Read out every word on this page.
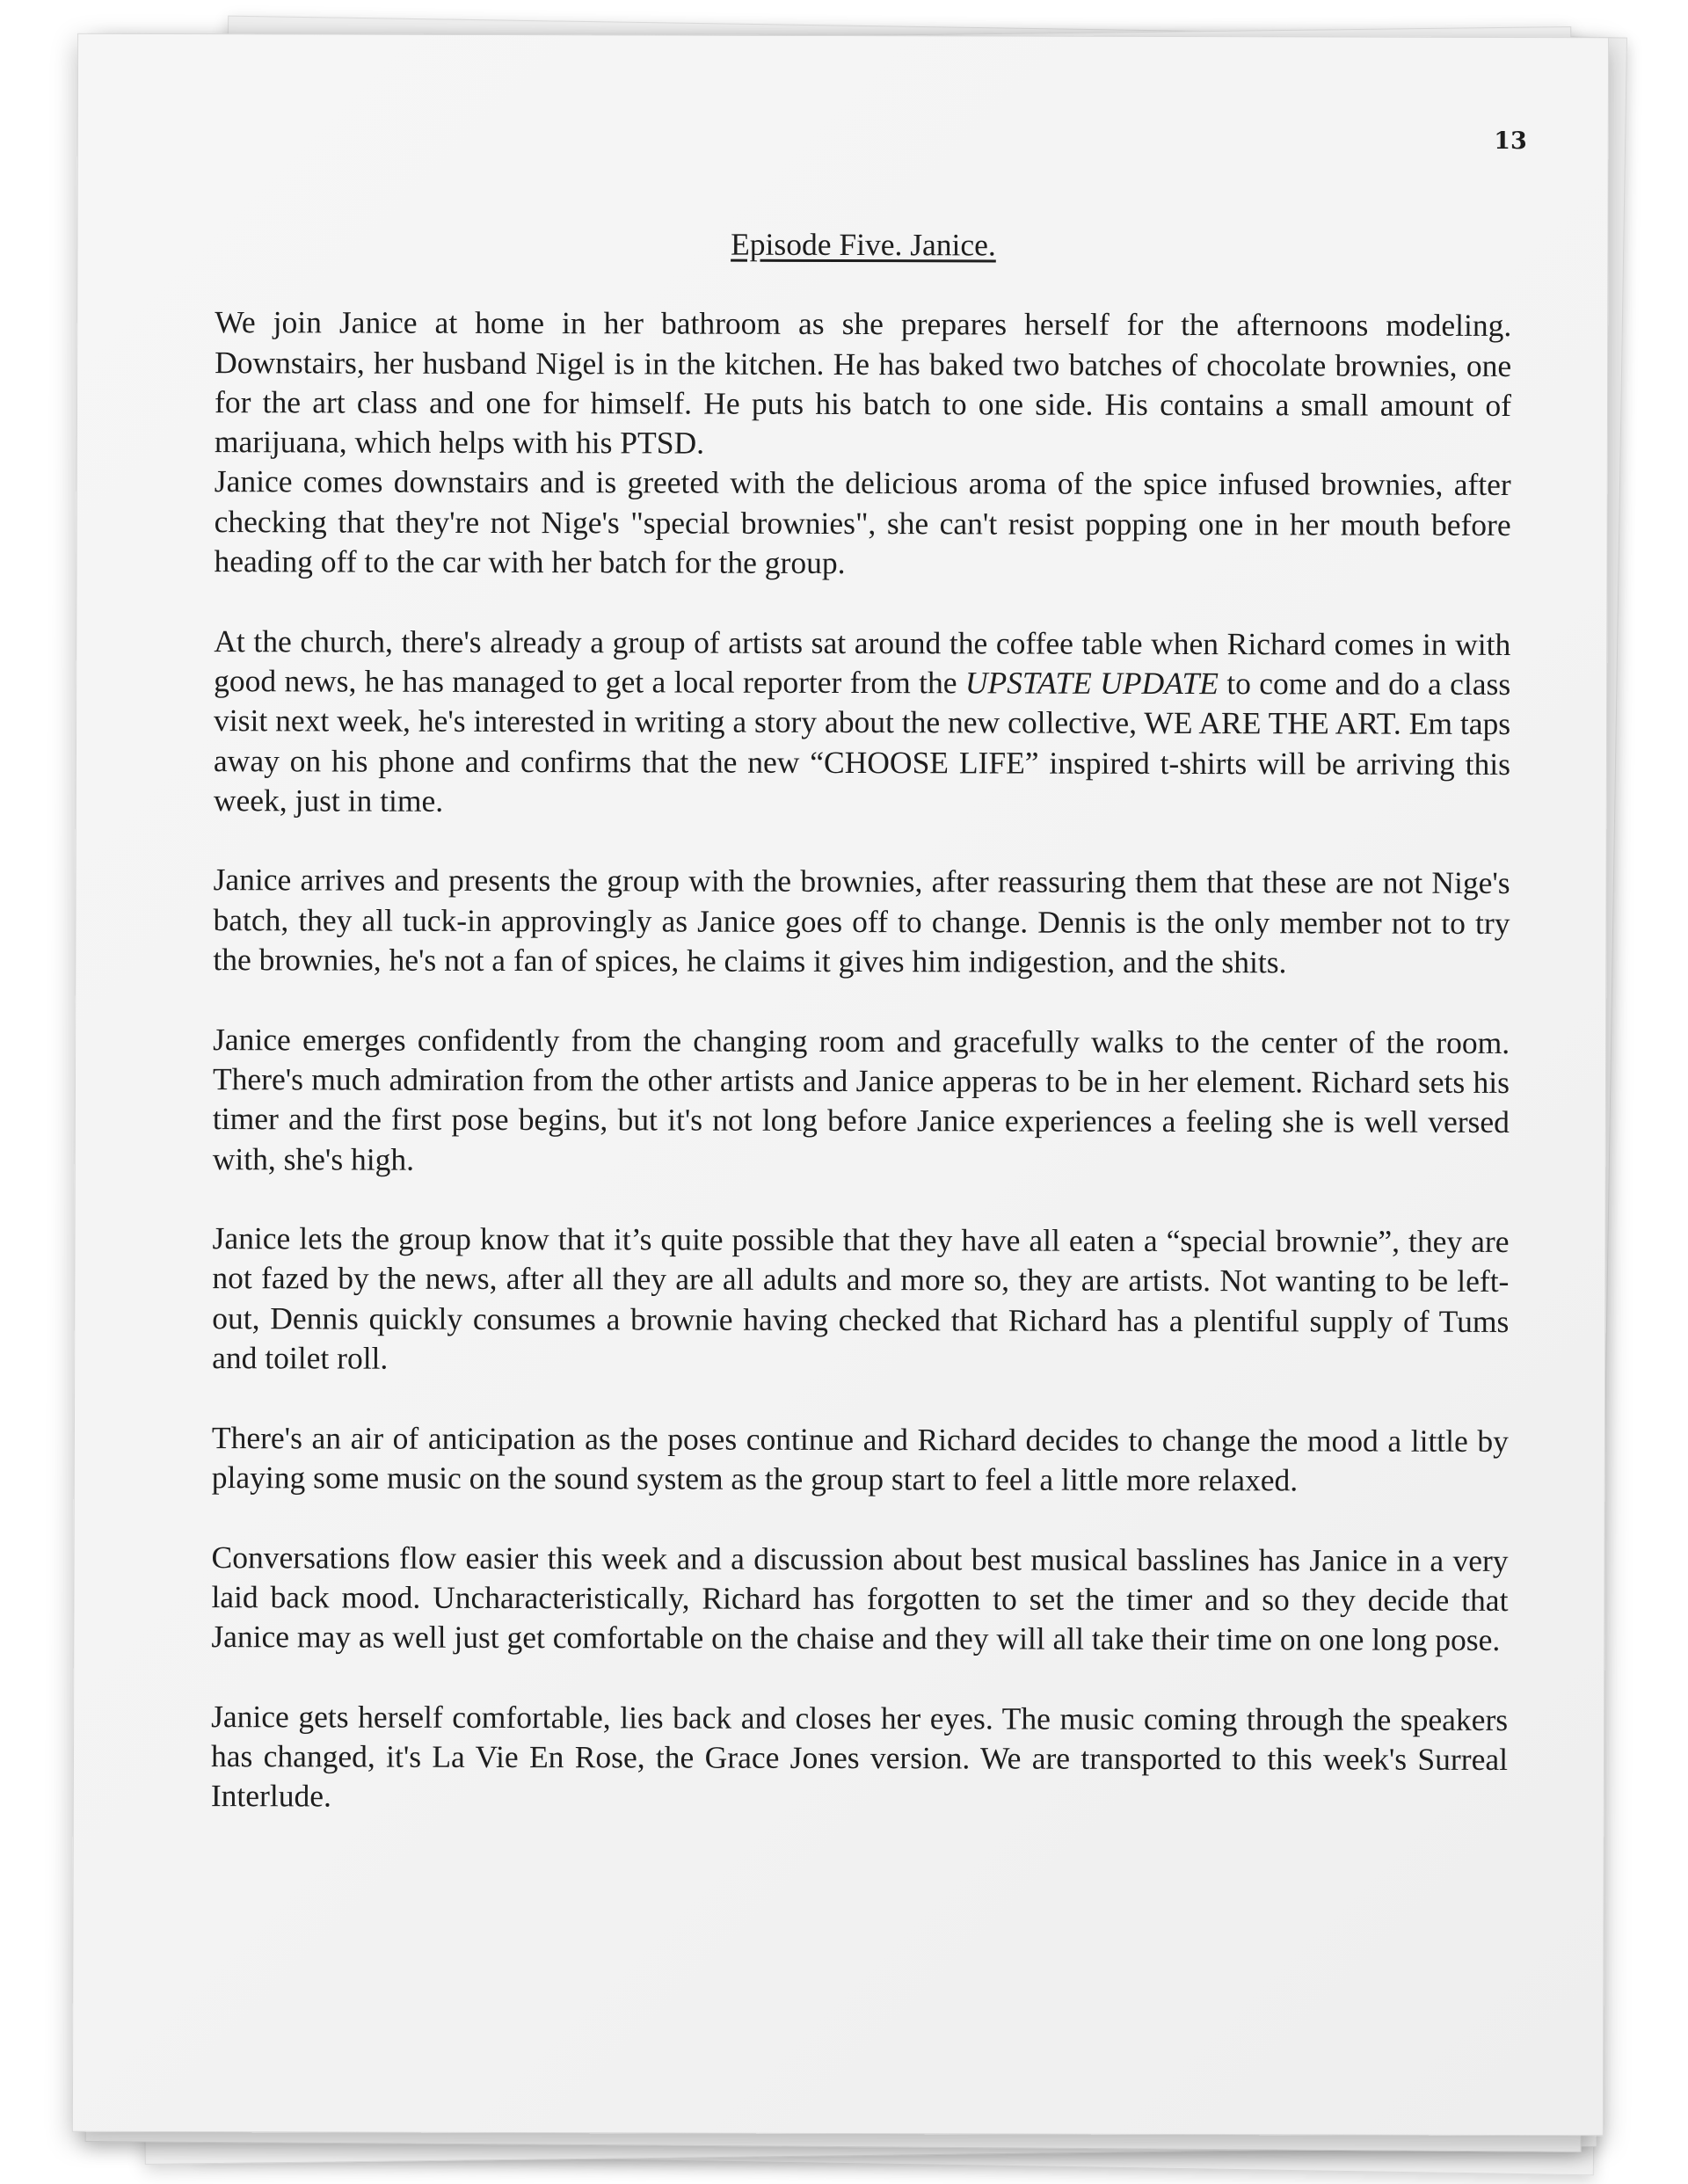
13
Episode Five. Janice.

We join Janice at home in her bathroom as she prepares herself for the afternoons modeling. Downstairs, her husband Nigel is in the kitchen. He has baked two batches of chocolate brownies, one for the art class and one for himself. He puts his batch to one side. His contains a small amount of marijuana, which helps with his PTSD.

Janice comes downstairs and is greeted with the delicious aroma of the spice infused brownies, after checking that they're not Nige's "special brownies", she can't resist popping one in her mouth before heading off to the car with her batch for the group.

At the church, there's already a group of artists sat around the coffee table when Richard comes in with good news, he has managed to get a local reporter from the UPSTATE UPDATE to come and do a class visit next week, he's interested in writing a story about the new collective, WE ARE THE ART. Em taps away on his phone and confirms that the new “CHOOSE LIFE” inspired t-shirts will be arriving this week, just in time.

Janice arrives and presents the group with the brownies, after reassuring them that these are not Nige's batch, they all tuck-in approvingly as Janice goes off to change. Dennis is the only member not to try the brownies, he's not a fan of spices, he claims it gives him indigestion, and the shits.

Janice emerges confidently from the changing room and gracefully walks to the center of the room. There's much admiration from the other artists and Janice apperas to be in her element. Richard sets his timer and the first pose begins, but it's not long before Janice experiences a feeling she is well versed with, she's high.

Janice lets the group know that it’s quite possible that they have all eaten a “special brownie”, they are not fazed by the news, after all they are all adults and more so, they are artists. Not wanting to be left-out, Dennis quickly consumes a brownie having checked that Richard has a plentiful supply of Tums and toilet roll.

There's an air of anticipation as the poses continue and Richard decides to change the mood a little by playing some music on the sound system as the group start to feel a little more relaxed.

Conversations flow easier this week and a discussion about best musical basslines has Janice in a very laid back mood. Uncharacteristically, Richard has forgotten to set the timer and so they decide that Janice may as well just get comfortable on the chaise and they will all take their time on one long pose.

Janice gets herself comfortable, lies back and closes her eyes. The music coming through the speakers has changed, it's La Vie En Rose, the Grace Jones version. We are transported to this week's Surreal Interlude.
